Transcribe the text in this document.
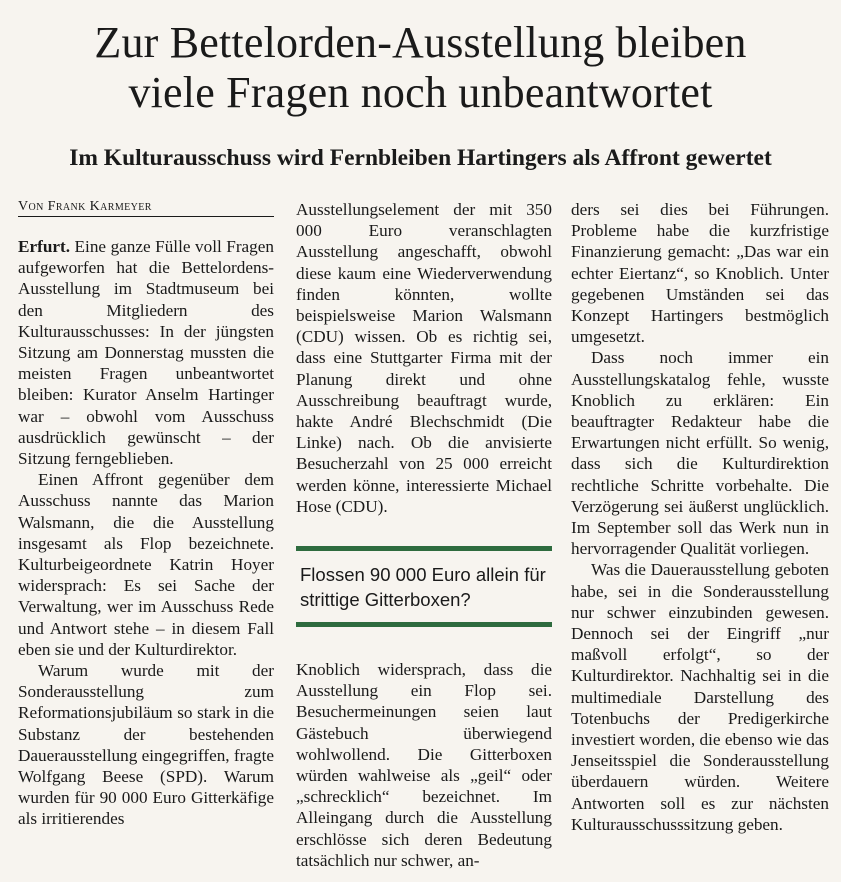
Zur Bettelorden-Ausstellung bleiben
viele Fragen noch unbeantwortet
Im Kulturausschuss wird Fernbleiben Hartingers als Affront gewertet
Von Frank Karmeyer

Erfurt. Eine ganze Fülle voll Fragen aufgeworfen hat die Bettelordens-Ausstellung im Stadtmuseum bei den Mitgliedern des Kulturausschusses: In der jüngsten Sitzung am Donnerstag mussten die meisten Fragen unbeantwortet bleiben: Kurator Anselm Hartinger war – obwohl vom Ausschuss ausdrücklich gewünscht – der Sitzung ferngeblieben.

Einen Affront gegenüber dem Ausschuss nannte das Marion Walsmann, die die Ausstellung insgesamt als Flop bezeichnete. Kulturbeigeordnete Katrin Hoyer widersprach: Es sei Sache der Verwaltung, wer im Ausschuss Rede und Antwort stehe – in diesem Fall eben sie und der Kulturdirektor.

Warum wurde mit der Sonderausstellung zum Reformationsjubiläum so stark in die Substanz der bestehenden Dauerausstellung eingegriffen, fragte Wolfgang Beese (SPD). Warum wurden für 90 000 Euro Gitterkäfige als irritierendes

Ausstellungselement der mit 350 000 Euro veranschlagten Ausstellung angeschafft, obwohl diese kaum eine Wiederverwendung finden könnten, wollte beispielsweise Marion Walsmann (CDU) wissen. Ob es richtig sei, dass eine Stuttgarter Firma mit der Planung direkt und ohne Ausschreibung beauftragt wurde, hakte André Blechschmidt (Die Linke) nach. Ob die anvisierte Besucherzahl von 25 000 erreicht werden könne, interessierte Michael Hose (CDU).

Flossen 90 000 Euro allein für strittige Gitterboxen?

Knoblich widersprach, dass die Ausstellung ein Flop sei. Besuchermeinungen seien laut Gästebuch überwiegend wohlwollend. Die Gitterboxen würden wahlweise als „geil“ oder „schrecklich“ bezeichnet. Im Alleingang durch die Ausstellung erschlösse sich deren Bedeutung tatsächlich nur schwer, an-

ders sei dies bei Führungen. Probleme habe die kurzfristige Finanzierung gemacht: „Das war ein echter Eiertanz“, so Knoblich. Unter gegebenen Umständen sei das Konzept Hartingers bestmöglich umgesetzt.

Dass noch immer ein Ausstellungskatalog fehle, wusste Knoblich zu erklären: Ein beauftragter Redakteur habe die Erwartungen nicht erfüllt. So wenig, dass sich die Kulturdirektion rechtliche Schritte vorbehalte. Die Verzögerung sei äußerst unglücklich. Im September soll das Werk nun in hervorragender Qualität vorliegen.

Was die Dauerausstellung geboten habe, sei in die Sonderausstellung nur schwer einzubinden gewesen. Dennoch sei der Eingriff „nur maßvoll erfolgt“, so der Kulturdirektor. Nachhaltig sei in die multimediale Darstellung des Totenbuchs der Predigerkirche investiert worden, die ebenso wie das Jenseitsspiel die Sonderausstellung überdauern würden. Weitere Antworten soll es zur nächsten Kulturausschusssitzung geben.
